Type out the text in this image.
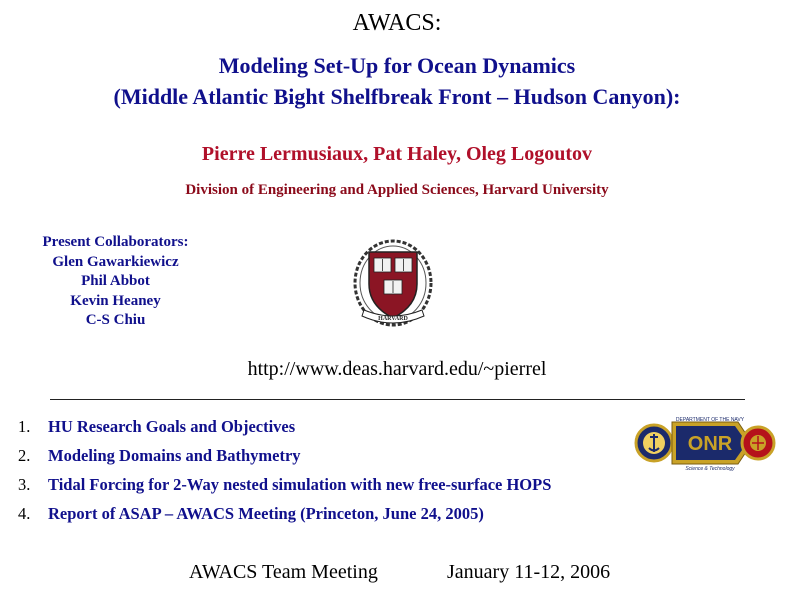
AWACS:
Modeling Set-Up for Ocean Dynamics
(Middle Atlantic Bight Shelfbreak Front – Hudson Canyon):
Pierre Lermusiaux, Pat Haley, Oleg Logoutov
Division of Engineering and Applied Sciences, Harvard University
Present Collaborators:
Glen Gawarkiewicz
Phil Abbot
Kevin Heaney
C-S Chiu	HARVARD
http://www.deas.harvard.edu/~pierrel
1. HU Research Goals and Objectives
2. Modeling Domains and Bathymetry
3. Tidal Forcing for 2-Way nested simulation with new free-surface HOPS
4. Report of ASAP – AWACS Meeting (Princeton, June 24, 2005)
ONR
DEPARTMENT OF THE NAVY
Science & Technology
AWACS Team Meeting	January 11-12, 2006
